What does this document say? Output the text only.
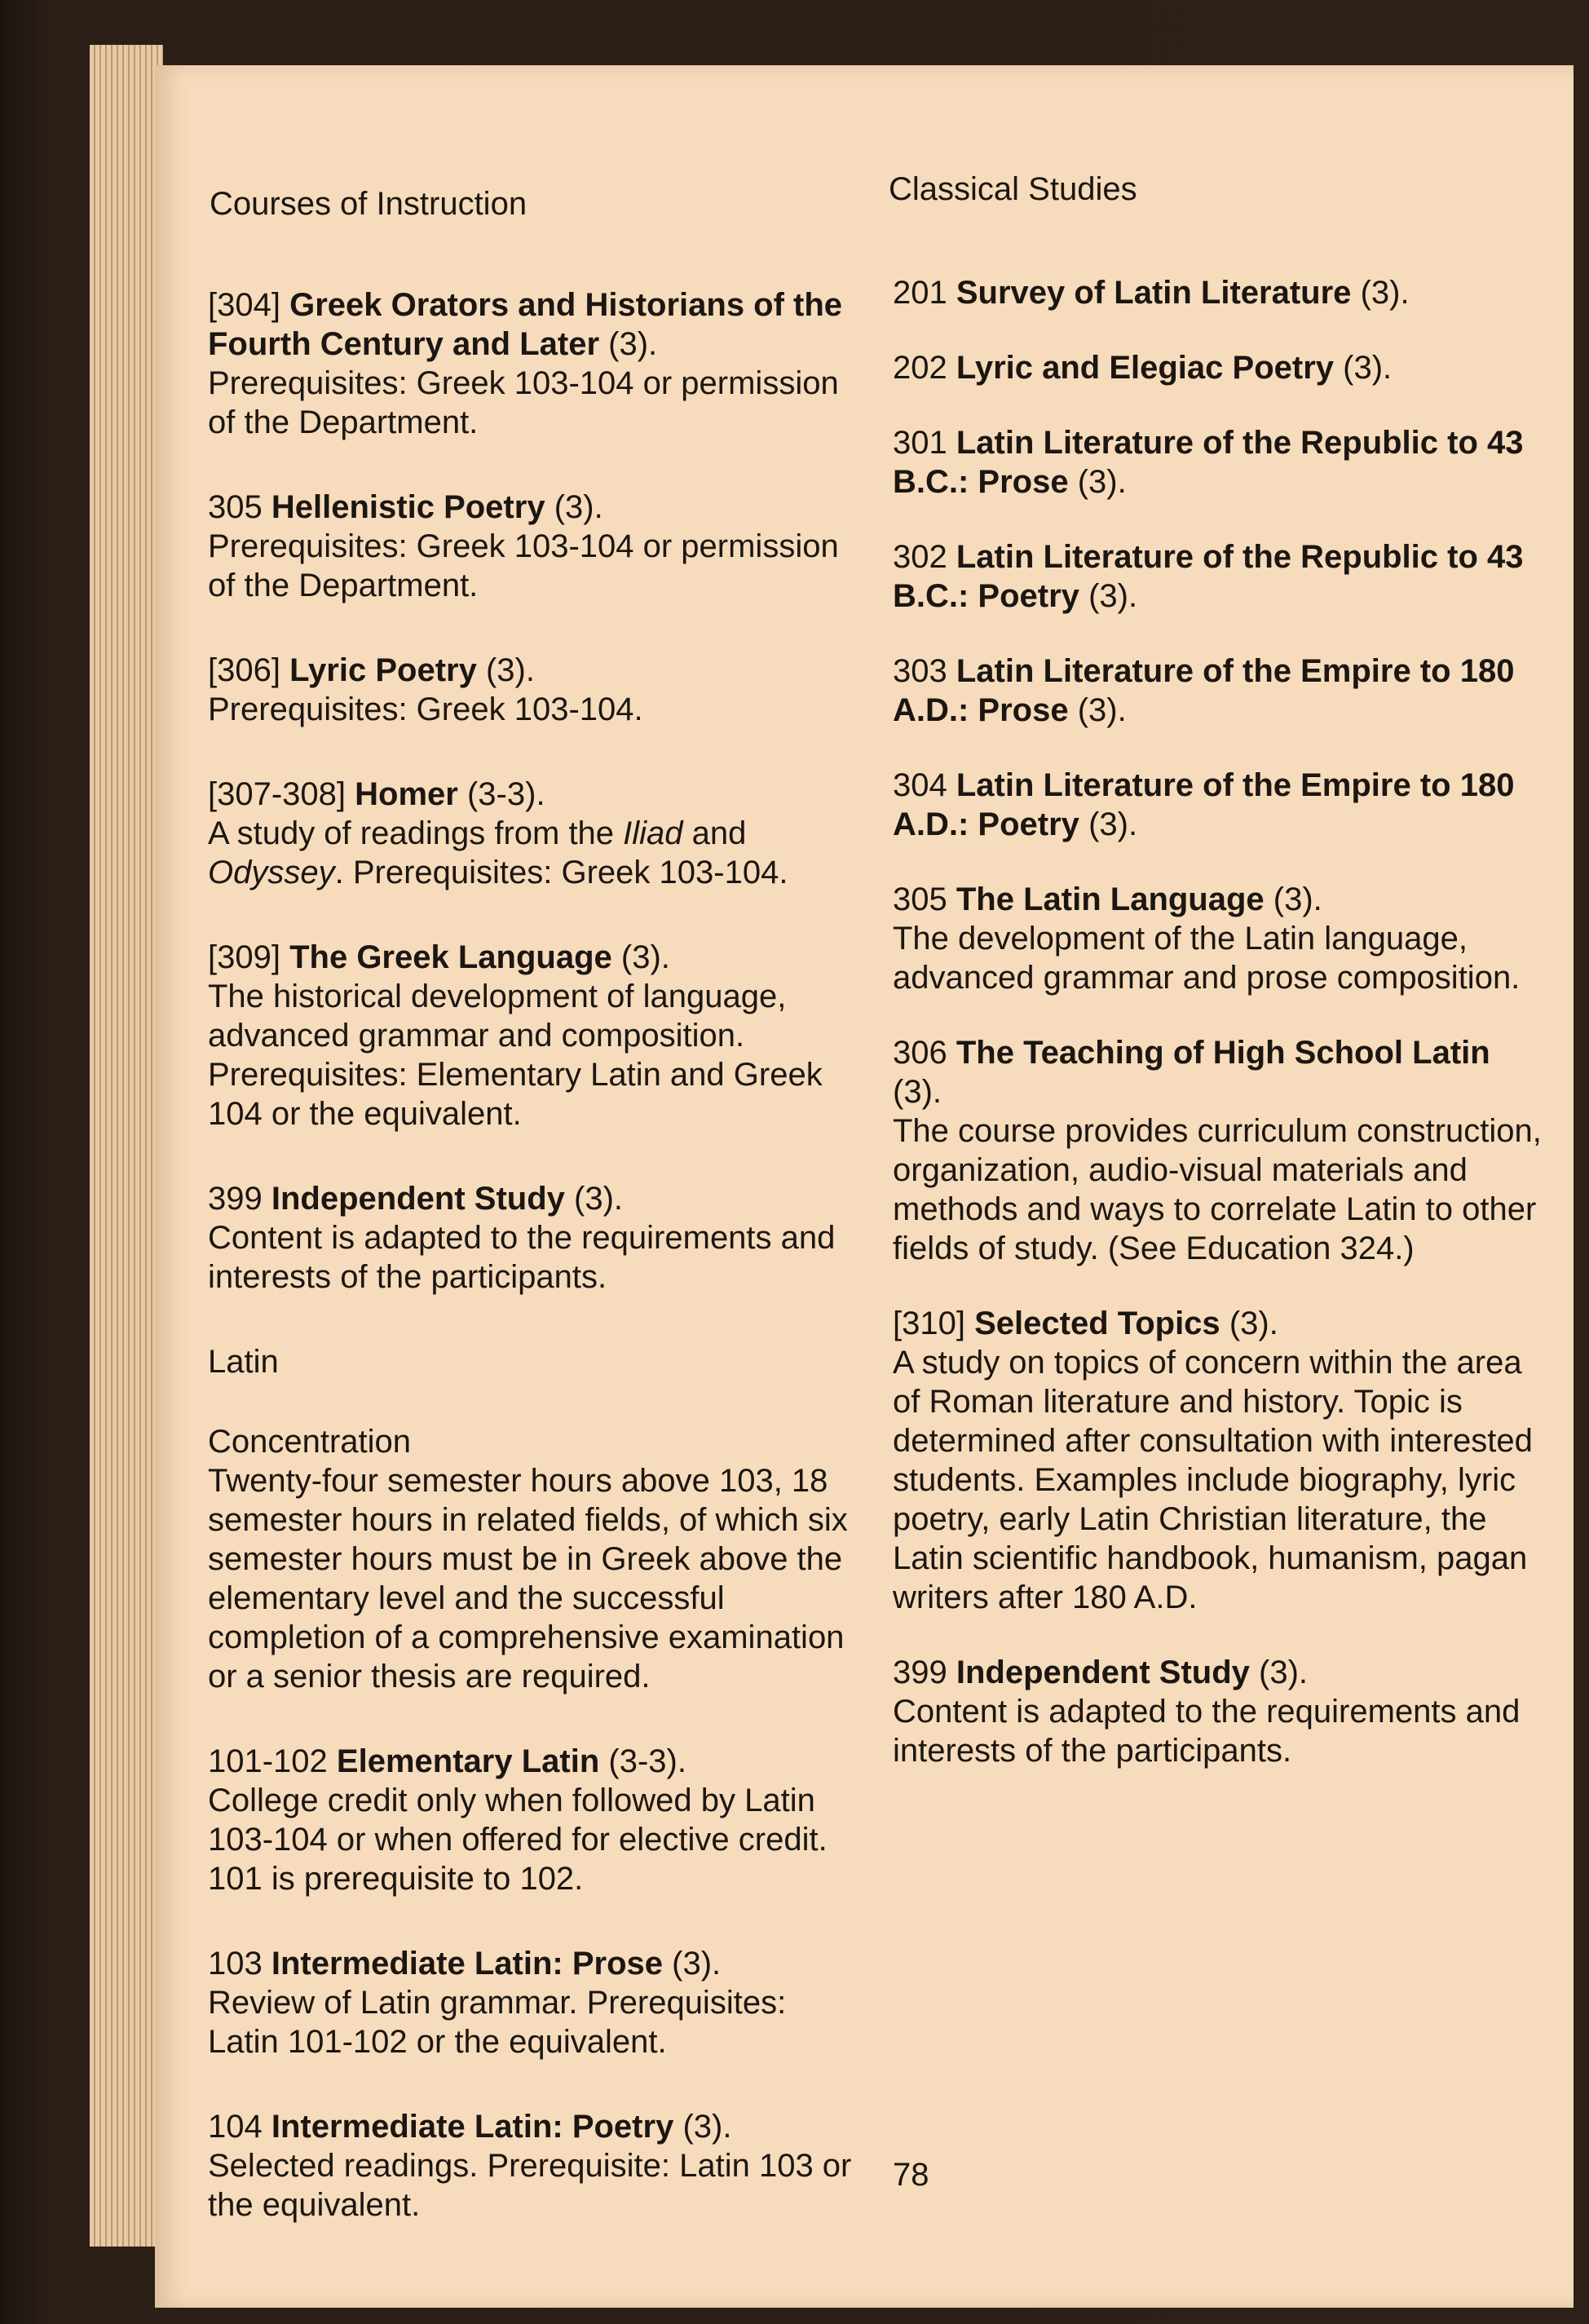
Courses of Instruction	Classical Studies
[304] Greek Orators and Historians of the Fourth Century and Later (3).
Prerequisites: Greek 103-104 or permission of the Department.
305 Hellenistic Poetry (3).
Prerequisites: Greek 103-104 or permission of the Department.
[306] Lyric Poetry (3).
Prerequisites: Greek 103-104.
[307-308] Homer (3-3).
A study of readings from the Iliad and Odyssey. Prerequisites: Greek 103-104.
[309] The Greek Language (3).
The historical development of language, advanced grammar and composition. Prerequisites: Elementary Latin and Greek 104 or the equivalent.
399 Independent Study (3).
Content is adapted to the requirements and interests of the participants.
Latin
Concentration
Twenty-four semester hours above 103, 18 semester hours in related fields, of which six semester hours must be in Greek above the elementary level and the successful completion of a comprehensive examination or a senior thesis are required.
101-102 Elementary Latin (3-3).
College credit only when followed by Latin 103-104 or when offered for elective credit. 101 is prerequisite to 102.
103 Intermediate Latin: Prose (3).
Review of Latin grammar. Prerequisites: Latin 101-102 or the equivalent.
104 Intermediate Latin: Poetry (3).
Selected readings. Prerequisite: Latin 103 or the equivalent.
201 Survey of Latin Literature (3).
202 Lyric and Elegiac Poetry (3).
301 Latin Literature of the Republic to 43 B.C.: Prose (3).
302 Latin Literature of the Republic to 43 B.C.: Poetry (3).
303 Latin Literature of the Empire to 180 A.D.: Prose (3).
304 Latin Literature of the Empire to 180 A.D.: Poetry (3).
305 The Latin Language (3).
The development of the Latin language, advanced grammar and prose composition.
306 The Teaching of High School Latin (3).
The course provides curriculum construction, organization, audio-visual materials and methods and ways to correlate Latin to other fields of study. (See Education 324.)
[310] Selected Topics (3).
A study on topics of concern within the area of Roman literature and history. Topic is determined after consultation with interested students. Examples include biography, lyric poetry, early Latin Christian literature, the Latin scientific handbook, humanism, pagan writers after 180 A.D.
399 Independent Study (3).
Content is adapted to the requirements and interests of the participants.
78
